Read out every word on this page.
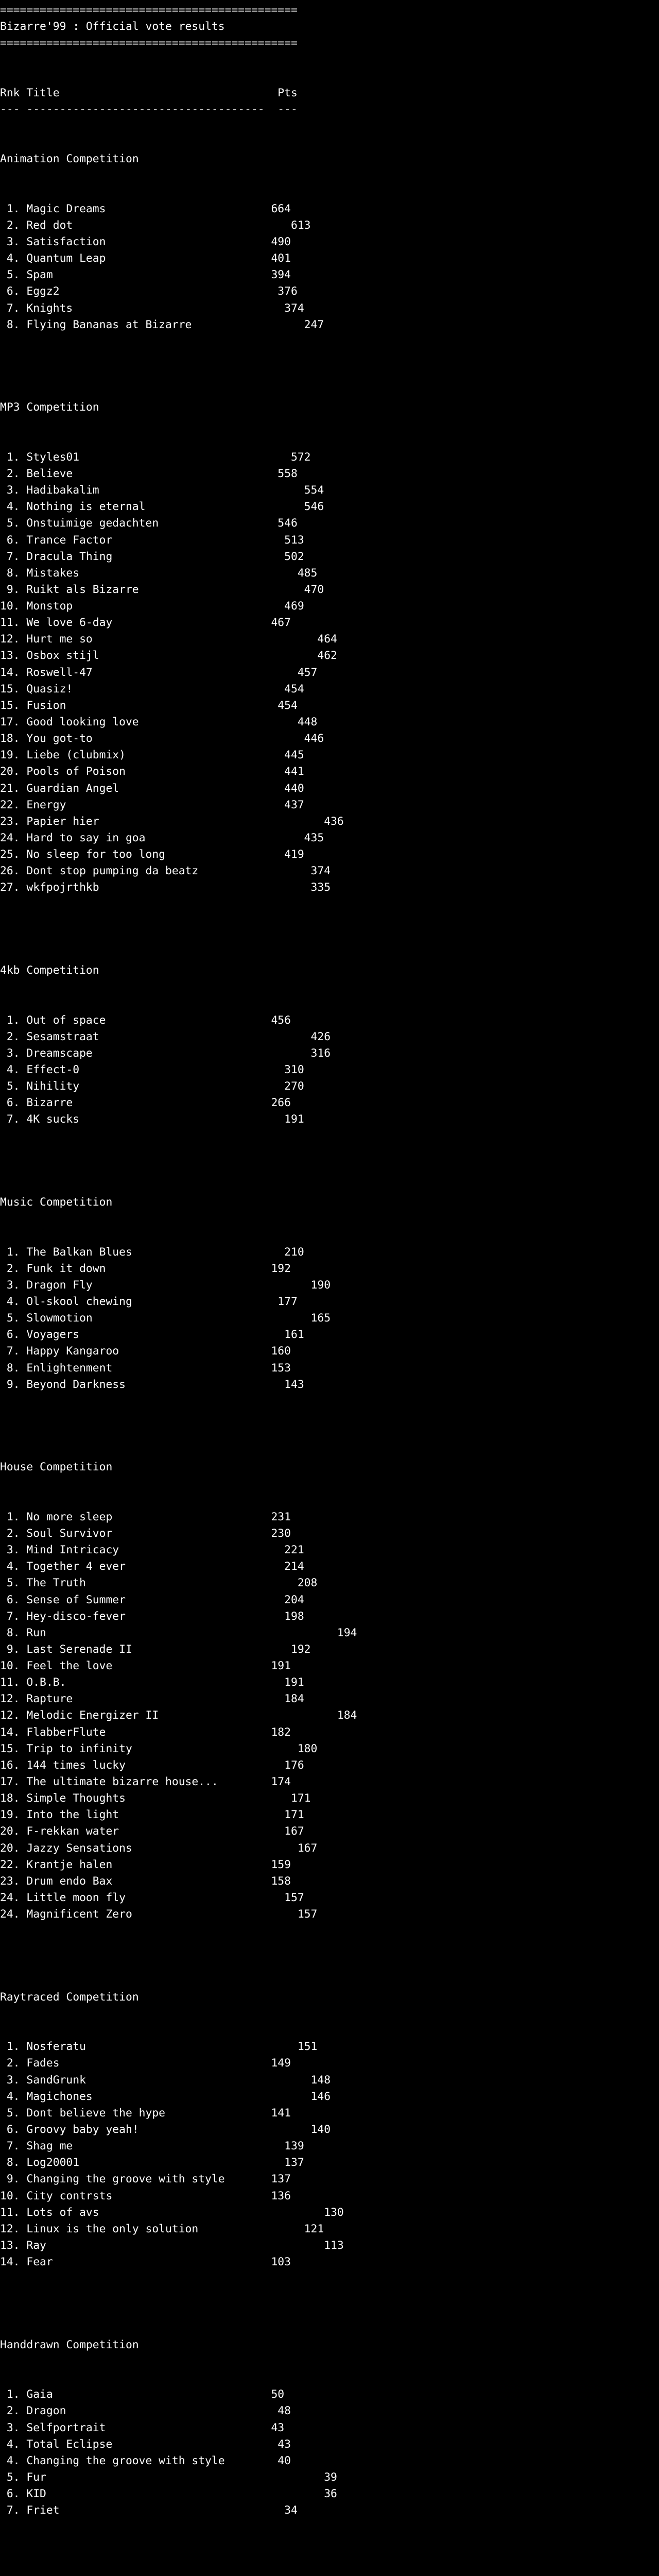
=============================================
Bizarre'99 : Official vote results
=============================================
Rnk Title                                 Pts
--- ------------------------------------  ---
Animation Competition
1. Magic Dreams                         664
2. Red dot                                 613
3. Satisfaction                         490
4. Quantum Leap                         401
5. Spam                                 394
6. Eggz2                                 376
7. Knights                                374
8. Flying Bananas at Bizarre                 247
MP3 Competition
1. Styles01                                572
2. Believe                               558
3. Hadibakalim                               554
4. Nothing is eternal                        546
5. Onstuimige gedachten                  546
6. Trance Factor                          513
7. Dracula Thing                          502
8. Mistakes                                 485
9. Ruikt als Bizarre                         470
10. Monstop                                469
11. We love 6-day                        467
12. Hurt me so                                  464
13. Osbox stijl                                 462
14. Roswell-47                               457
15. Quasiz!                                454
15. Fusion                                454
17. Good looking love                        448
18. You got-to                                446
19. Liebe (clubmix)                        445
20. Pools of Poison                        441
21. Guardian Angel                         440
22. Energy                                 437
23. Papier hier                                  436
24. Hard to say in goa                        435
25. No sleep for too long                  419
26. Dont stop pumping da beatz                 374
27. wkfpojrthkb                                335
4kb Competition
1. Out of space                         456
2. Sesamstraat                                426
3. Dreamscape                                 316
4. Effect-0                               310
5. Nihility                               270
6. Bizarre                              266
7. 4K sucks                               191
Music Competition
1. The Balkan Blues                       210
2. Funk it down                         192
3. Dragon Fly                                 190
4. Ol-skool chewing                      177
5. Slowmotion                                 165
6. Voyagers                               161
7. Happy Kangaroo                       160
8. Enlightenment                        153
9. Beyond Darkness                        143
House Competition
1. No more sleep                        231
2. Soul Survivor                        230
3. Mind Intricacy                         221
4. Together 4 ever                        214
5. The Truth                                208
6. Sense of Summer                        204
7. Hey-disco-fever                        198
8. Run                                            194
9. Last Serenade II                        192
10. Feel the love                        191
11. O.B.B.                                 191
12. Rapture                                184
12. Melodic Energizer II                           184
14. FlabberFlute                         182
15. Trip to infinity                         180
16. 144 times lucky                        176
17. The ultimate bizarre house...        174
18. Simple Thoughts                         171
19. Into the light                         171
20. F-rekkan water                         167
20. Jazzy Sensations                         167
22. Krantje halen                        159
23. Drum endo Bax                        158
24. Little moon fly                        157
24. Magnificent Zero                         157
Raytraced Competition
1. Nosferatu                                151
2. Fades                                149
3. SandGrunk                                  148
4. Magichones                                 146
5. Dont believe the hype                141
6. Groovy baby yeah!                          140
7. Shag me                                139
8. Log20001                               137
9. Changing the groove with style       137
10. City contrsts                        136
11. Lots of avs                                  130
12. Linux is the only solution                121
13. Ray                                          113
14. Fear                                 103
Handdrawn Competition
1. Gaia                                 50
2. Dragon                                48
3. Selfportrait                         43
4. Total Eclipse                         43
4. Changing the groove with style        40
5. Fur                                          39
6. KID                                          36
7. Friet                                  34
